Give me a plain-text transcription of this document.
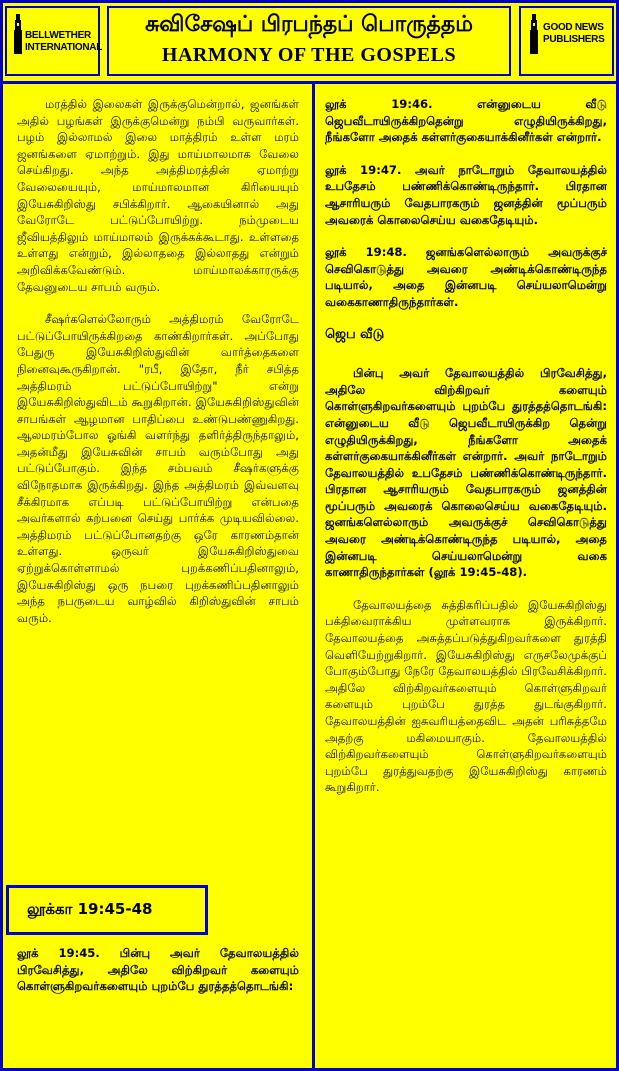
BELLWETHER
INTERNATIONAL
சுவிசேஷப் பிரபந்தப் பொருத்தம்
HARMONY OF THE GOSPELS
GOOD NEWS
PUBLISHERS

மரத்தில் இலைகள் இருக்குமென்றால், ஜனங்கள் அதில் பழங்கள் இருக்குமென்று நம்பி வருவார்கள். பழம் இல்லாமல் இலை மாத்திரம் உள்ள மரம் ஜனங்களை ஏமாற்றும். இது மாய்மாலமாக வேலை செய்கிறது. அந்த அத்திமரத்தின் ஏமாற்று வேலையையும், மாய்மாலமான கிரியையும் இயேசுகிறிஸ்து சபிக்கிறார். ஆகையினால் அது வேரோடே பட்டுப்போயிற்று. நம்முடைய ஜீவியத்திலும் மாய்மாலம் இருக்கக்கூடாது. உள்ளதை உள்ளது என்றும், இல்லாததை இல்லாதது என்றும் அறிவிக்கவேண்டும். மாய்மாலக்காரருக்கு தேவனுடைய சாபம் வரும்.

சீஷர்களெல்லோரும் அத்திமரம் வேரோடே பட்டுப்போயிருக்கிறதை காண்கிறார்கள். அப்போது பேதுரு இயேசுகிறிஸ்துவின் வார்த்தைகளை நினைவுகூருகிறான். "ரபீ, இதோ, நீர் சபித்த அத்திமரம் பட்டுப்போயிற்று" என்று இயேசுகிறிஸ்துவிடம் கூறுகிறான். இயேசுகிறிஸ்துவின் சாபங்கள் ஆழமான பாதிப்பை உண்டுபண்ணுகிறது. ஆலமரம்போல ஓங்கி வளர்ந்து தளிர்த்திருந்தாலும், அதன்மீது இயேசுவின் சாபம் வரும்போது அது பட்டுப்போகும். இந்த சம்பவம் சீஷர்களுக்கு விநோதமாக இருக்கிறது. இந்த அத்திமரம் இவ்வளவு சீக்கிரமாக எப்படி பட்டுப்போயிற்று என்பதை அவர்களால் கற்பனை செய்து பார்க்க முடியவில்லை. அத்திமரம் பட்டுப்போனதற்கு ஒரே காரணம்தான் உள்ளது. ஒருவர் இயேசுகிறிஸ்துவை ஏற்றுக்கொள்ளாமல் புறக்கணிப்பதினாலும், இயேசுகிறிஸ்து ஒரு நபரை புறக்கணிப்பதினாலும் அந்த நபருடைய வாழ்வில் கிறிஸ்துவின் சாபம் வரும்.

லூக்கா 19:45-48

லூக் 19:45. பின்பு அவர் தேவாலயத்தில் பிரவேசித்து, அதிலே விற்கிறவர் களையும் கொள்ளுகிறவர்களையும் புறம்பே துரத்தத்தொடங்கி:

லூக் 19:46. என்னுடைய வீடு ஜெபவீடாயிருக்கிறதென்று எழுதியிருக்கிறது, நீங்களோ அதைக் கள்ளர்குகையாக்கினீர்கள் என்றார்.

லூக் 19:47. அவர் நாடோறும் தேவாலயத்தில் உபதேசம் பண்ணிக்கொண்டிருந்தார். பிரதான ஆசாரியரும் வேதபாரகரும் ஜனத்தின் மூப்பரும் அவரைக் கொலைசெய்ய வகைதேடியும்.

லூக் 19:48. ஜனங்களெல்லாரும் அவருக்குச் செவிகொடுத்து அவரை அண்டிக்கொண்டிருந்த படியால், அதை இன்னபடி செய்யலாமென்று வகைகாணாதிருந்தார்கள்.

ஜெப வீடு

பின்பு அவர் தேவாலயத்தில் பிரவேசித்து, அதிலே விற்கிறவர் களையும் கொள்ளுகிறவர்களையும் புறம்பே துரத்தத்தொடங்கி: என்னுடைய வீடு ஜெபவீடாயிருக்கிற தென்று எழுதியிருக்கிறது, நீங்களோ அதைக் கள்ளர்குகையாக்கினீர்கள் என்றார். அவர் நாடோறும் தேவாலயத்தில் உபதேசம் பண்ணிக்கொண்டிருந்தார். பிரதான ஆசாரியரும் வேதபாரகரும் ஜனத்தின் மூப்பரும் அவரைக் கொலைசெய்ய வகைதேடியும். ஜனங்களெல்லாரும் அவருக்குச் செவிகொடுத்து அவரை அண்டிக்கொண்டிருந்த படியால், அதை இன்னபடி செய்யலாமென்று வகை காணாதிருந்தார்கள் (லூக் 19:45-48).

தேவாலயத்தை சுத்திகரிப்பதில் இயேசுகிறிஸ்து பக்திவைராக்கிய முள்ளவராக இருக்கிறார். தேவாலயத்தை அசுத்தப்படுத்துகிறவர்களை துரத்தி வெளியேற்றுகிறார். இயேசுகிறிஸ்து எருசலேமுக்குப் போகும்போது நேரே தேவாலயத்தில் பிரவேசிக்கிறார். அதிலே விற்கிறவர்களையும் கொள்ளுகிறவர் களையும் புறம்பே துரத்த துடங்குகிறார். தேவாலயத்தின் ஐசுவரியத்தைவிட அதன் பரிசுத்தமே அதற்கு மகிமையாகும். தேவாலயத்தில் விற்கிறவர்களையும் கொள்ளுகிறவர்களையும் புறம்பே துரத்துவதற்கு இயேசுகிறிஸ்து காரணம் கூறுகிறார்.
